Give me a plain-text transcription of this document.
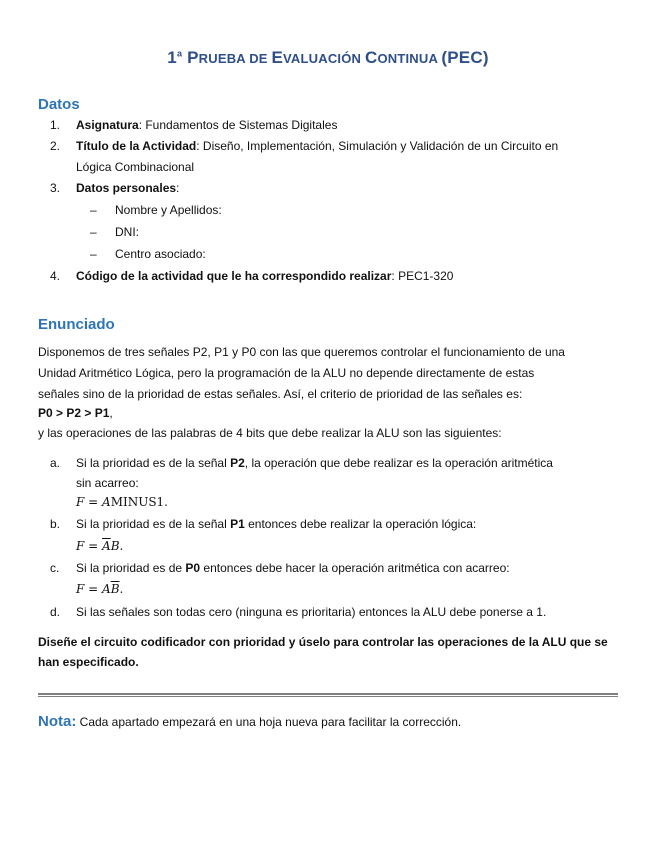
1$^a$ PRUEBA DE EVALUACIÓN CONTINUA (PEC)
Datos
1.	Asignatura: Fundamentos de Sistemas Digitales
2.	Título de la Actividad: Diseño, Implementación, Simulación y Validación de un Circuito en
Lógica Combinacional
3.	Datos personales:
– Nombre y Apellidos:
– DNI:
– Centro asociado:
4.	Código de la actividad que le ha correspondido realizar: PEC1-320
Enunciado
Disponemos de tres señales P2, P1 y P0 con las que queremos controlar el funcionamiento de una
Unidad Aritmético Lógica, pero la programación de la ALU no depende directamente de estas
señales sino de la prioridad de estas señales. Así, el criterio de prioridad de las señales es:
P0 > P2 > P1,
y las operaciones de las palabras de 4 bits que debe realizar la ALU son las siguientes:
a.	Si la prioridad es de la señal P2, la operación que debe realizar es la operación aritmética
sin acarreo:
F = AMINUS1.
b.	Si la prioridad es de la señal P1 entonces debe realizar la operación lógica:
$F = \overline{A}B$.
c.	Si la prioridad es de P0 entonces debe hacer la operación aritmética con acarreo:
$F = A\overline{B}$.
d.	Si las señales son todas cero (ninguna es prioritaria) entonces la ALU debe ponerse a 1.
Diseñe el circuito codificador con prioridad y úselo para controlar las operaciones de la ALU que se
han especificado.
Nota: Cada apartado empezará en una hoja nueva para facilitar la corrección.
